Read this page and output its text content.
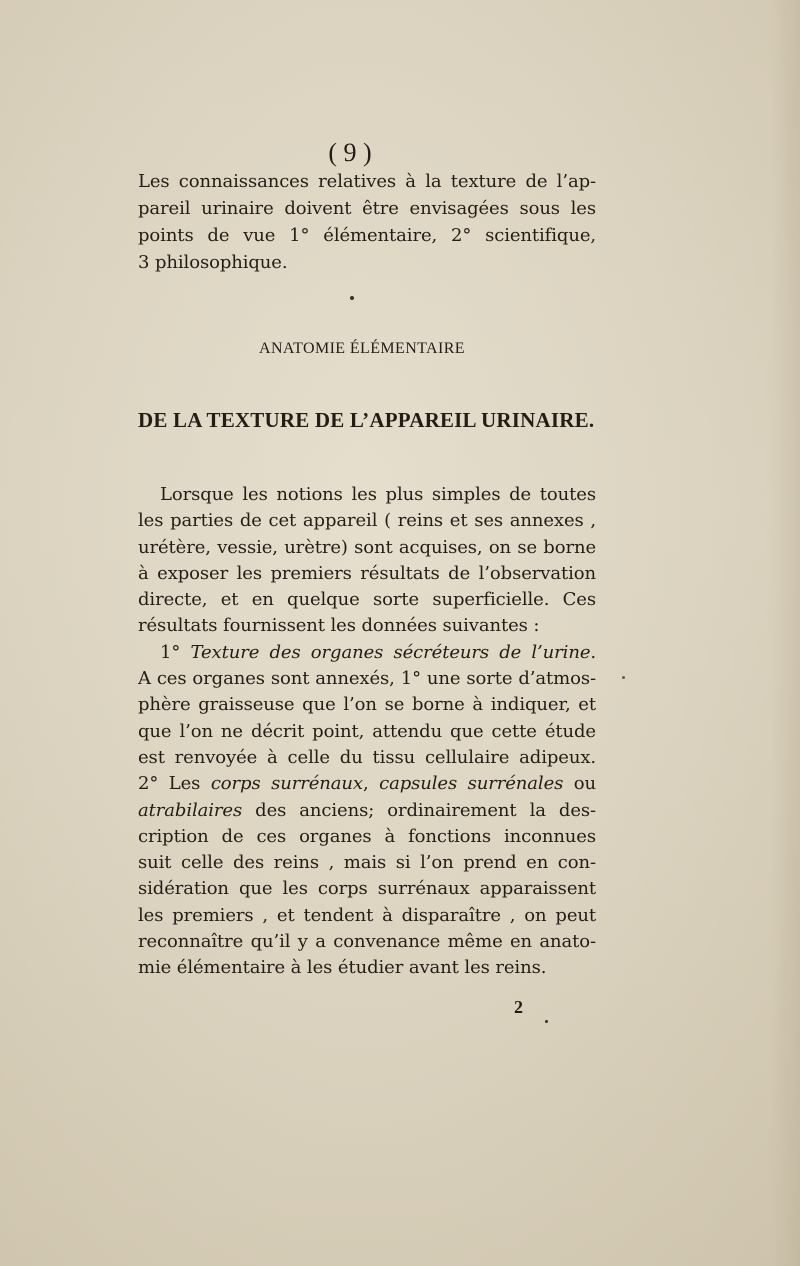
( 9 )
Les connaissances relatives à la texture de l’ap-
pareil urinaire doivent être envisagées sous les
points de vue 1° élémentaire, 2° scientifique,
3 philosophique.
ANATOMIE ÉLÉMENTAIRE
DE LA TEXTURE DE L’APPAREIL URINAIRE.
Lorsque les notions les plus simples de toutes
les parties de cet appareil ( reins et ses annexes ,
urétère, vessie, urètre) sont acquises, on se borne
à exposer les premiers résultats de l’observation
directe, et en quelque sorte superficielle. Ces
résultats fournissent les données suivantes :
1° Texture des organes sécréteurs de l’urine.
A ces organes sont annexés, 1° une sorte d’atmos-
phère graisseuse que l’on se borne à indiquer, et
que l’on ne décrit point, attendu que cette étude
est renvoyée à celle du tissu cellulaire adipeux.
2° Les corps surrénaux, capsules surrénales ou
atrabilaires des anciens; ordinairement la des-
cription de ces organes à fonctions inconnues
suit celle des reins , mais si l’on prend en con-
sidération que les corps surrénaux apparaissent
les premiers , et tendent à disparaître , on peut
reconnaître qu’il y a convenance même en anato-
mie élémentaire à les étudier avant les reins.
2
